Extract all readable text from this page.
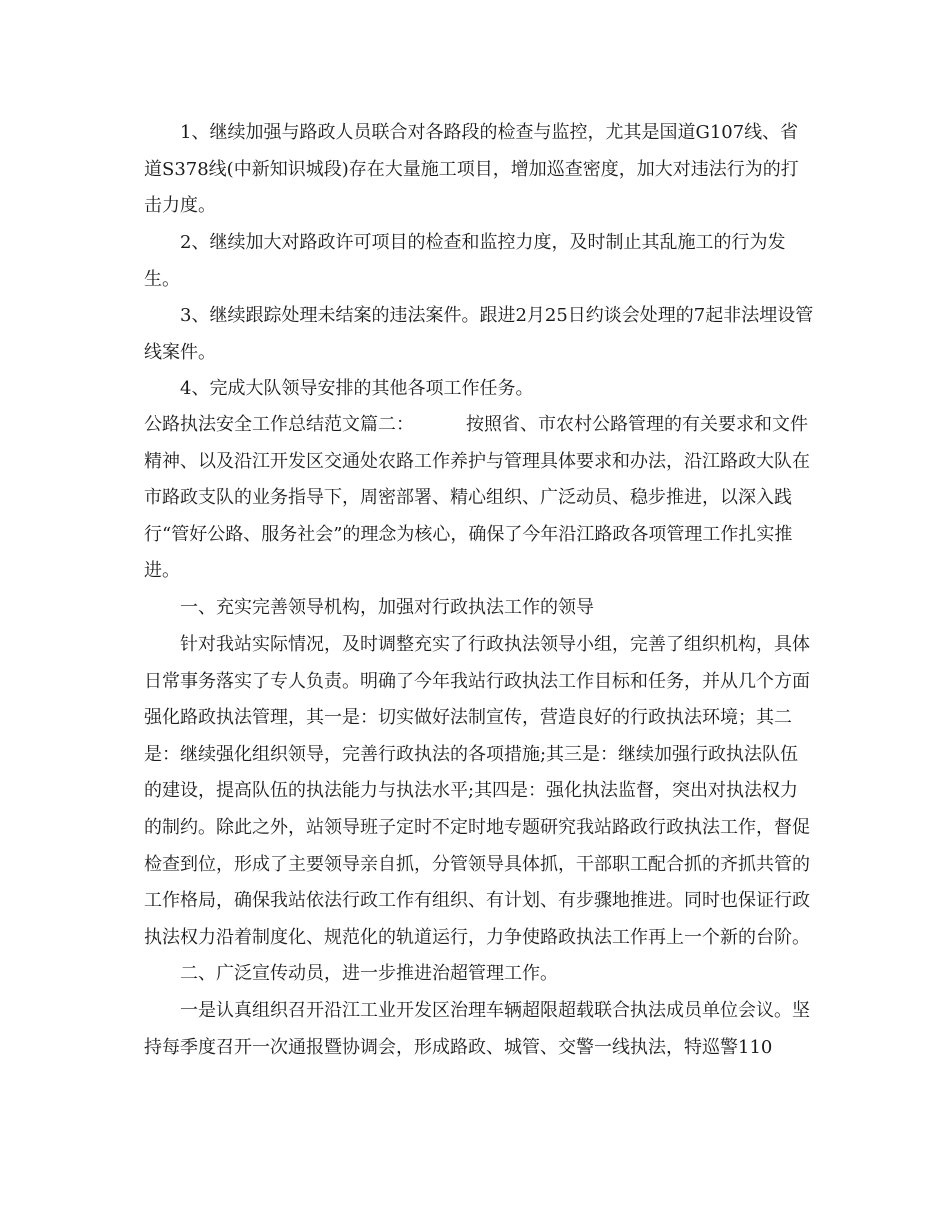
1、继续加强与路政人员联合对各路段的检查与监控，尤其是国道G107线、省道S378线(中新知识城段)存在大量施工项目，增加巡查密度，加大对违法行为的打击力度。

2、继续加大对路政许可项目的检查和监控力度，及时制止其乱施工的行为发生。

3、继续跟踪处理未结案的违法案件。跟进2月25日约谈会处理的7起非法埋设管线案件。

4、完成大队领导安排的其他各项工作任务。

公路执法安全工作总结范文篇二：	按照省、市农村公路管理的有关要求和文件精神、以及沿江开发区交通处农路工作养护与管理具体要求和办法，沿江路政大队在市路政支队的业务指导下，周密部署、精心组织、广泛动员、稳步推进，以深入践行“管好公路、服务社会”的理念为核心，确保了今年沿江路政各项管理工作扎实推进。

一、充实完善领导机构，加强对行政执法工作的领导

针对我站实际情况，及时调整充实了行政执法领导小组，完善了组织机构，具体日常事务落实了专人负责。明确了今年我站行政执法工作目标和任务，并从几个方面强化路政执法管理，其一是：切实做好法制宣传，营造良好的行政执法环境；其二是：继续强化组织领导，完善行政执法的各项措施;其三是：继续加强行政执法队伍的建设，提高队伍的执法能力与执法水平;其四是：强化执法监督，突出对执法权力的制约。除此之外，站领导班子定时不定时地专题研究我站路政行政执法工作，督促检查到位，形成了主要领导亲自抓，分管领导具体抓，干部职工配合抓的齐抓共管的工作格局，确保我站依法行政工作有组织、有计划、有步骤地推进。同时也保证行政执法权力沿着制度化、规范化的轨道运行，力争使路政执法工作再上一个新的台阶。

二、广泛宣传动员，进一步推进治超管理工作。

一是认真组织召开沿江工业开发区治理车辆超限超载联合执法成员单位会议。坚持每季度召开一次通报暨协调会，形成路政、城管、交警一线执法，特巡警110
